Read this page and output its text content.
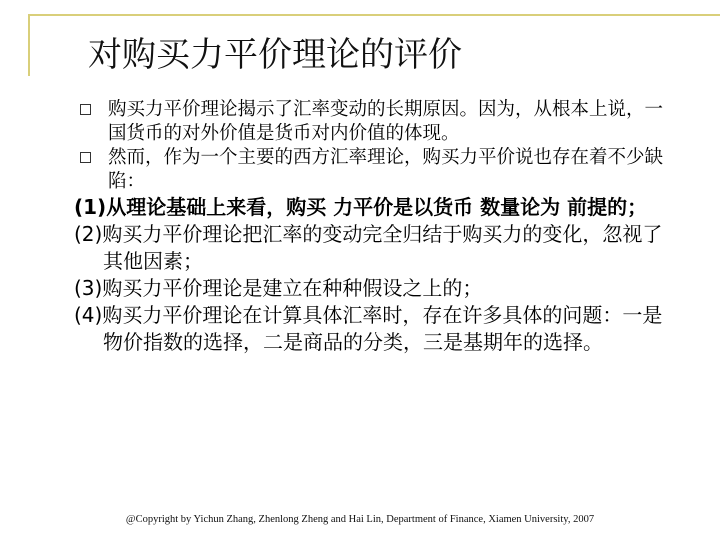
对购买力平价理论的评价
购买力平价理论揭示了汇率变动的长期原因。因为，从根本上说，一国货币的对外价值是货币对内价值的体现。
然而，作为一个主要的西方汇率理论，购买力平价说也存在着不少缺陷：
(1)从理论基础上来看，购买 力平价是以货币 数量论为 前提的；
(2)购买力平价理论把汇率的变动完全归结于购买力的变化，忽视了其他因素；
(3)购买力平价理论是建立在种种假设之上的；
(4)购买力平价理论在计算具体汇率时，存在许多具体的问题：一是物价指数的选择，二是商品的分类，三是基期年的选择。
@Copyright by Yichun Zhang, Zhenlong Zheng and Hai Lin, Department of Finance, Xiamen University, 2007
